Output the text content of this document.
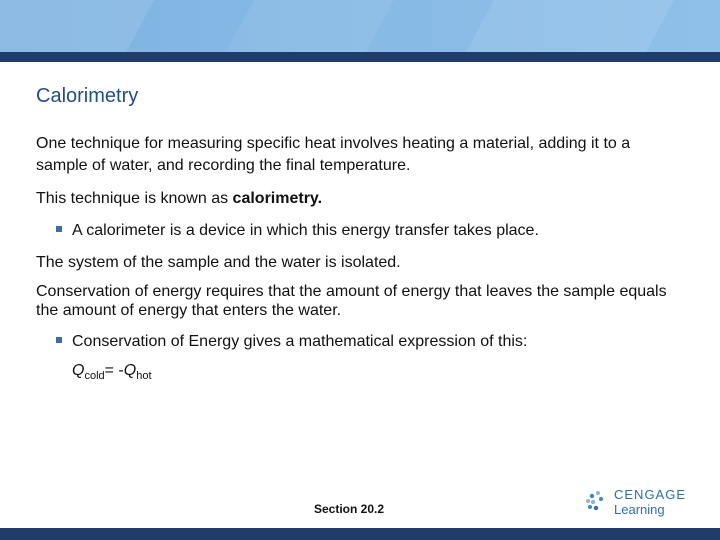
Calorimetry
One technique for measuring specific heat involves heating a material, adding it to a sample of water, and recording the final temperature.
This technique is known as calorimetry.
A calorimeter is a device in which this energy transfer takes place.
The system of the sample and the water is isolated.
Conservation of energy requires that the amount of energy that leaves the sample equals the amount of energy that enters the water.
Conservation of Energy gives a mathematical expression of this:
$Q_{cold}= -Q_{hot}$
Section 20.2
CENGAGE
Learning
